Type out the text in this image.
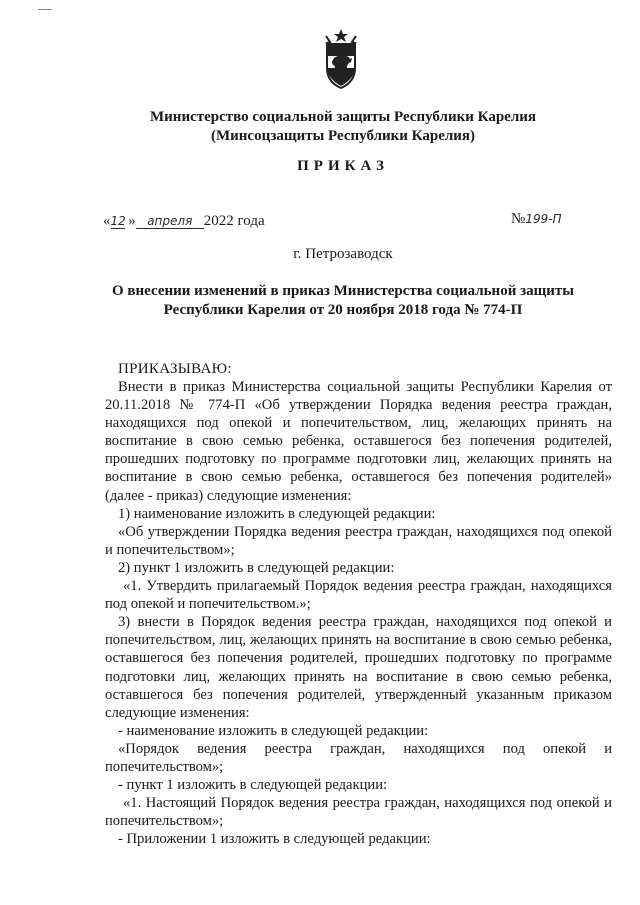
Министерство социальной защиты Республики Карелия
(Минсоцзащиты Республики Карелия)
ПРИКАЗ
«12 » апреля 2022 года	№199-П
г. Петрозаводск
О внесении изменений в приказ Министерства социальной защиты
Республики Карелия от 20 ноября 2018 года № 774-П
ПРИКАЗЫВАЮ:

Внести в приказ Министерства социальной защиты Республики Карелия от 20.11.2018 № 774-П «Об утверждении Порядка ведения реестра граждан, находящихся под опекой и попечительством, лиц, желающих принять на воспитание в свою семью ребенка, оставшегося без попечения родителей, прошедших подготовку по программе подготовки лиц, желающих принять на воспитание в свою семью ребенка, оставшегося без попечения родителей» (далее - приказ) следующие изменения:

1) наименование изложить в следующей редакции:

«Об утверждении Порядка ведения реестра граждан, находящихся под опекой и попечительством»;

2) пункт 1 изложить в следующей редакции:

«1. Утвердить прилагаемый Порядок ведения реестра граждан, находящихся под опекой и попечительством.»;

3) внести в Порядок ведения реестра граждан, находящихся под опекой и попечительством, лиц, желающих принять на воспитание в свою семью ребенка, оставшегося без попечения родителей, прошедших подготовку по программе подготовки лиц, желающих принять на воспитание в свою семью ребенка, оставшегося без попечения родителей, утвержденный указанным приказом следующие изменения:

- наименование изложить в следующей редакции:

«Порядок ведения реестра граждан, находящихся под опекой и попечительством»;

- пункт 1 изложить в следующей редакции:

«1. Настоящий Порядок ведения реестра граждан, находящихся под опекой и попечительством»;

- Приложении 1 изложить в следующей редакции:
